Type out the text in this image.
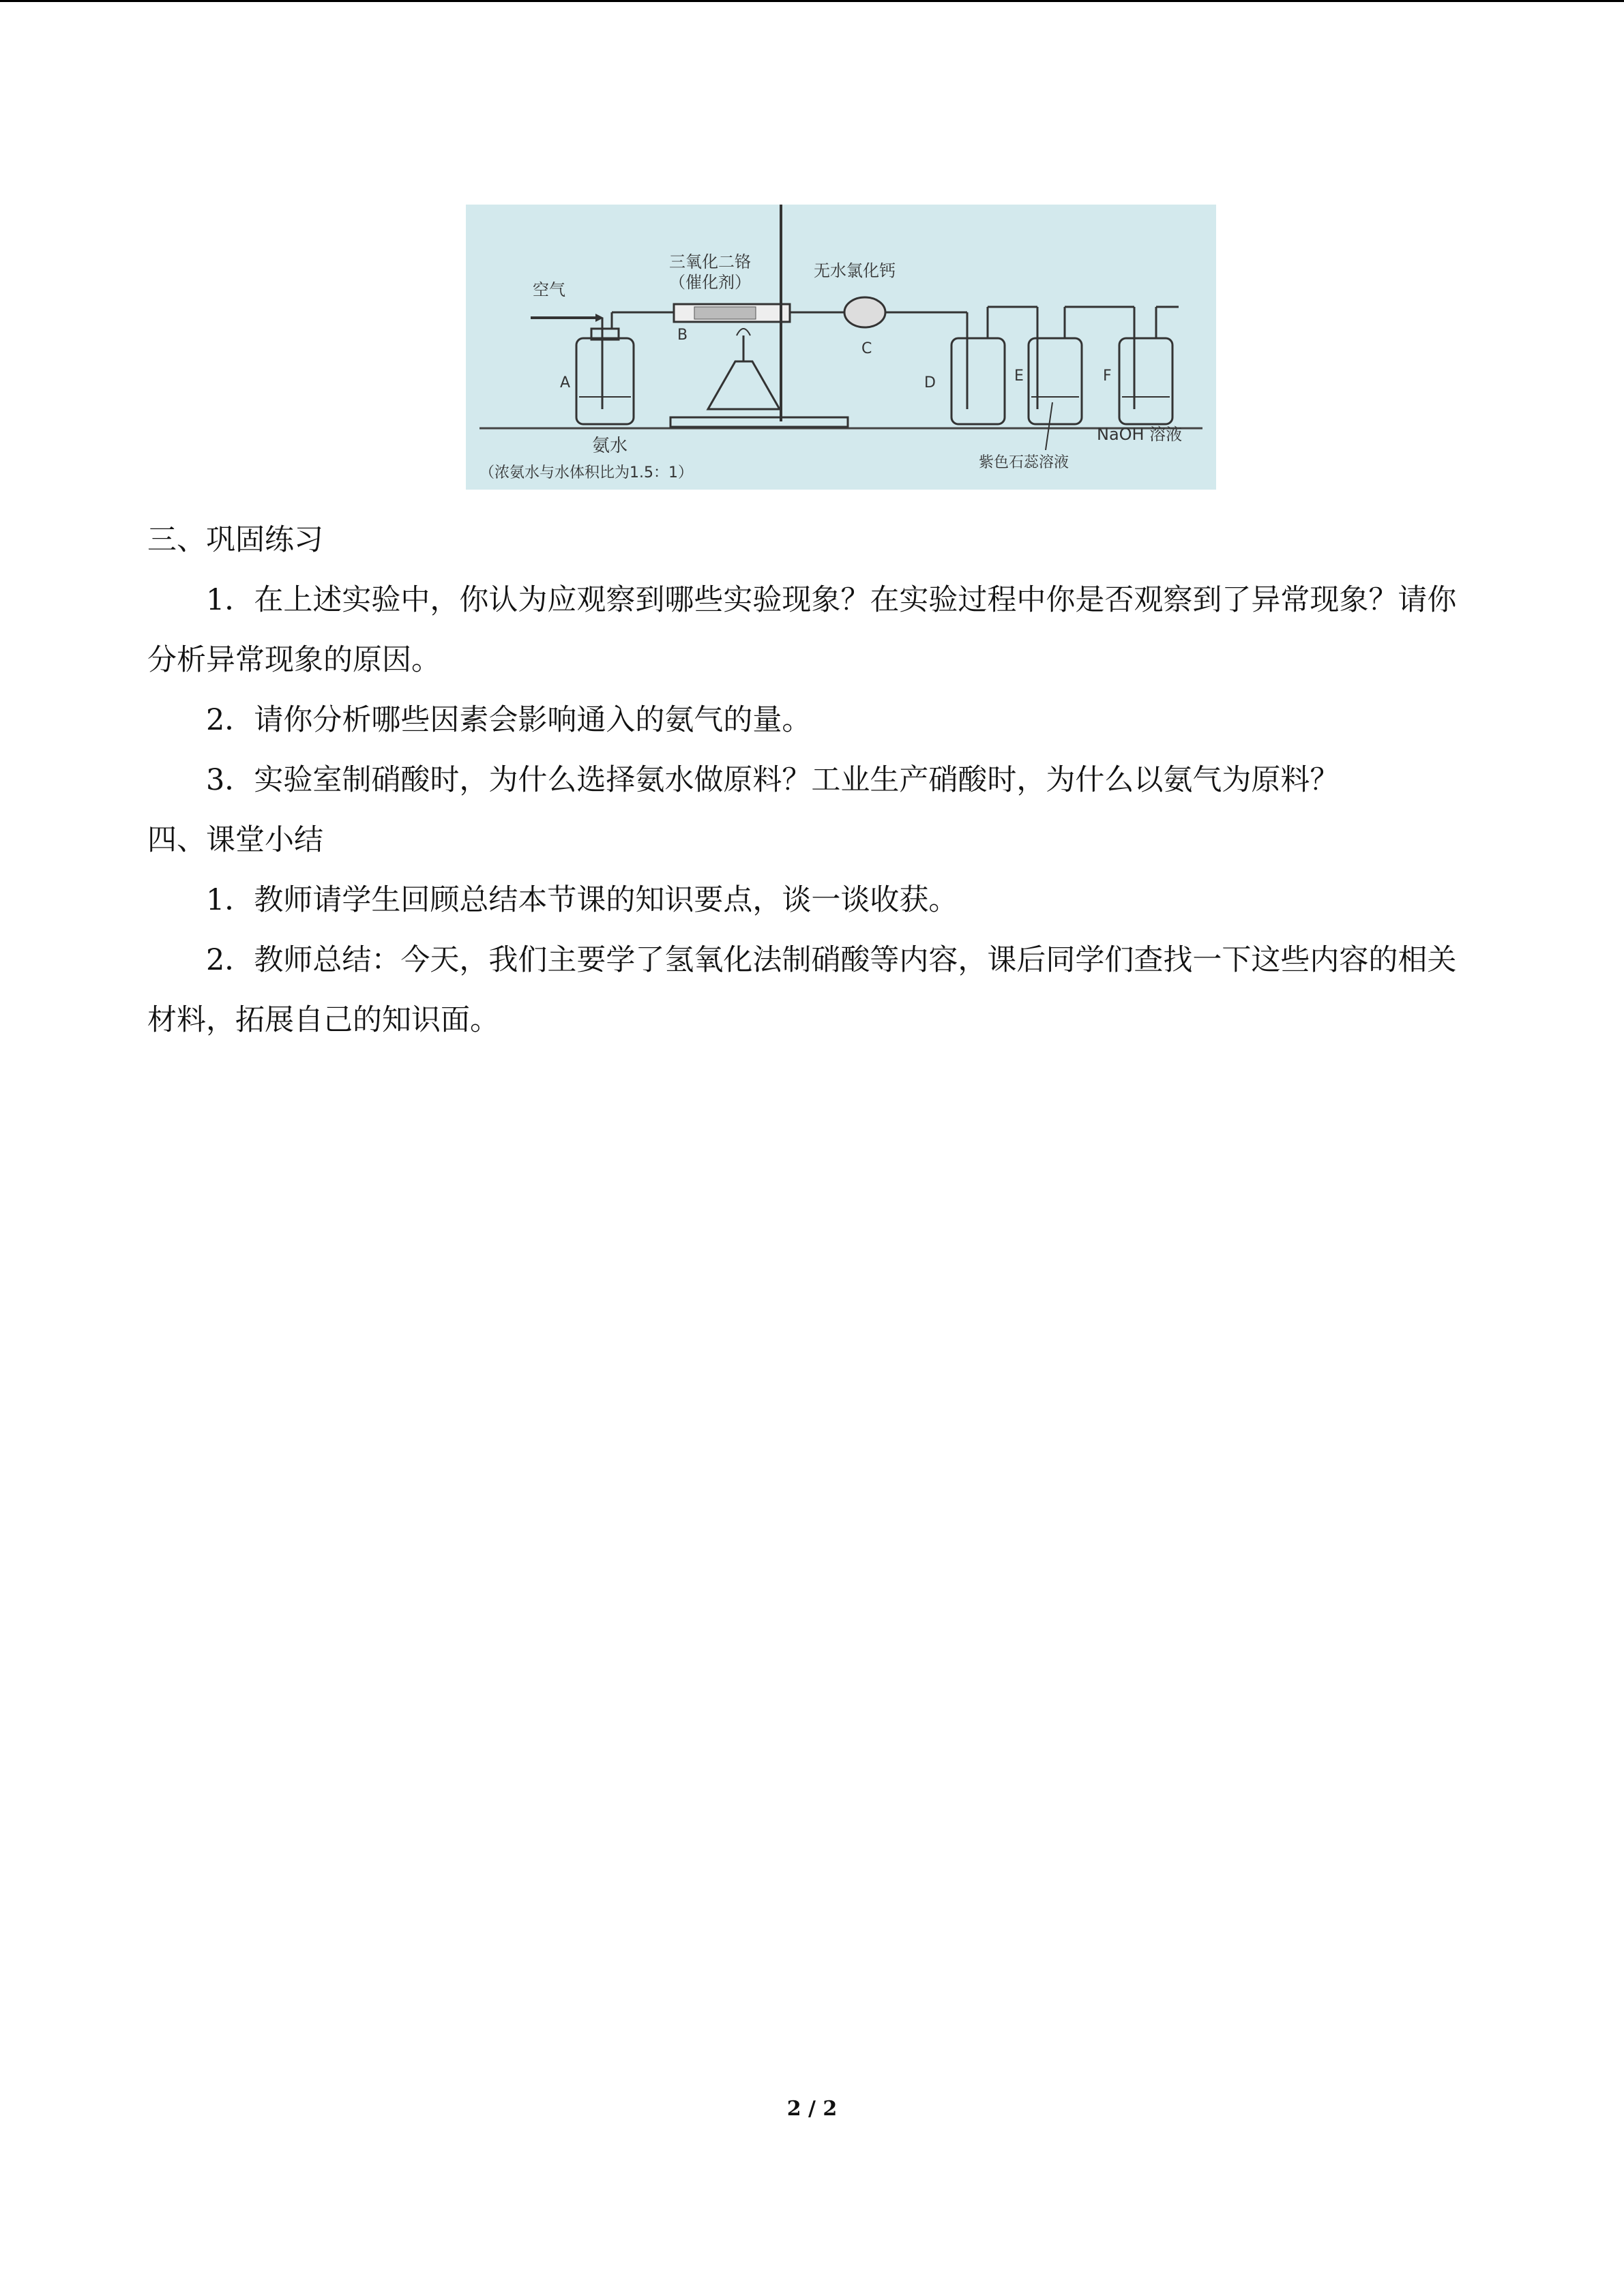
空气
三氧化二铬
（催化剂）
无水氯化钙
A
B
C
D	E	F
氨水
（浓氨水与水体积比为1.5：1）
紫色石蕊溶液
NaOH 溶液

三、巩固练习

1．在上述实验中，你认为应观察到哪些实验现象？在实验过程中你是否观察到了异常现象？请你分析异常现象的原因。

2．请你分析哪些因素会影响通入的氨气的量。

3．实验室制硝酸时，为什么选择氨水做原料？工业生产硝酸时，为什么以氨气为原料？

四、课堂小结

1．教师请学生回顾总结本节课的知识要点，谈一谈收获。

2．教师总结：今天，我们主要学了氢氧化法制硝酸等内容，课后同学们查找一下这些内容的相关材料，拓展自己的知识面。

2 / 2
